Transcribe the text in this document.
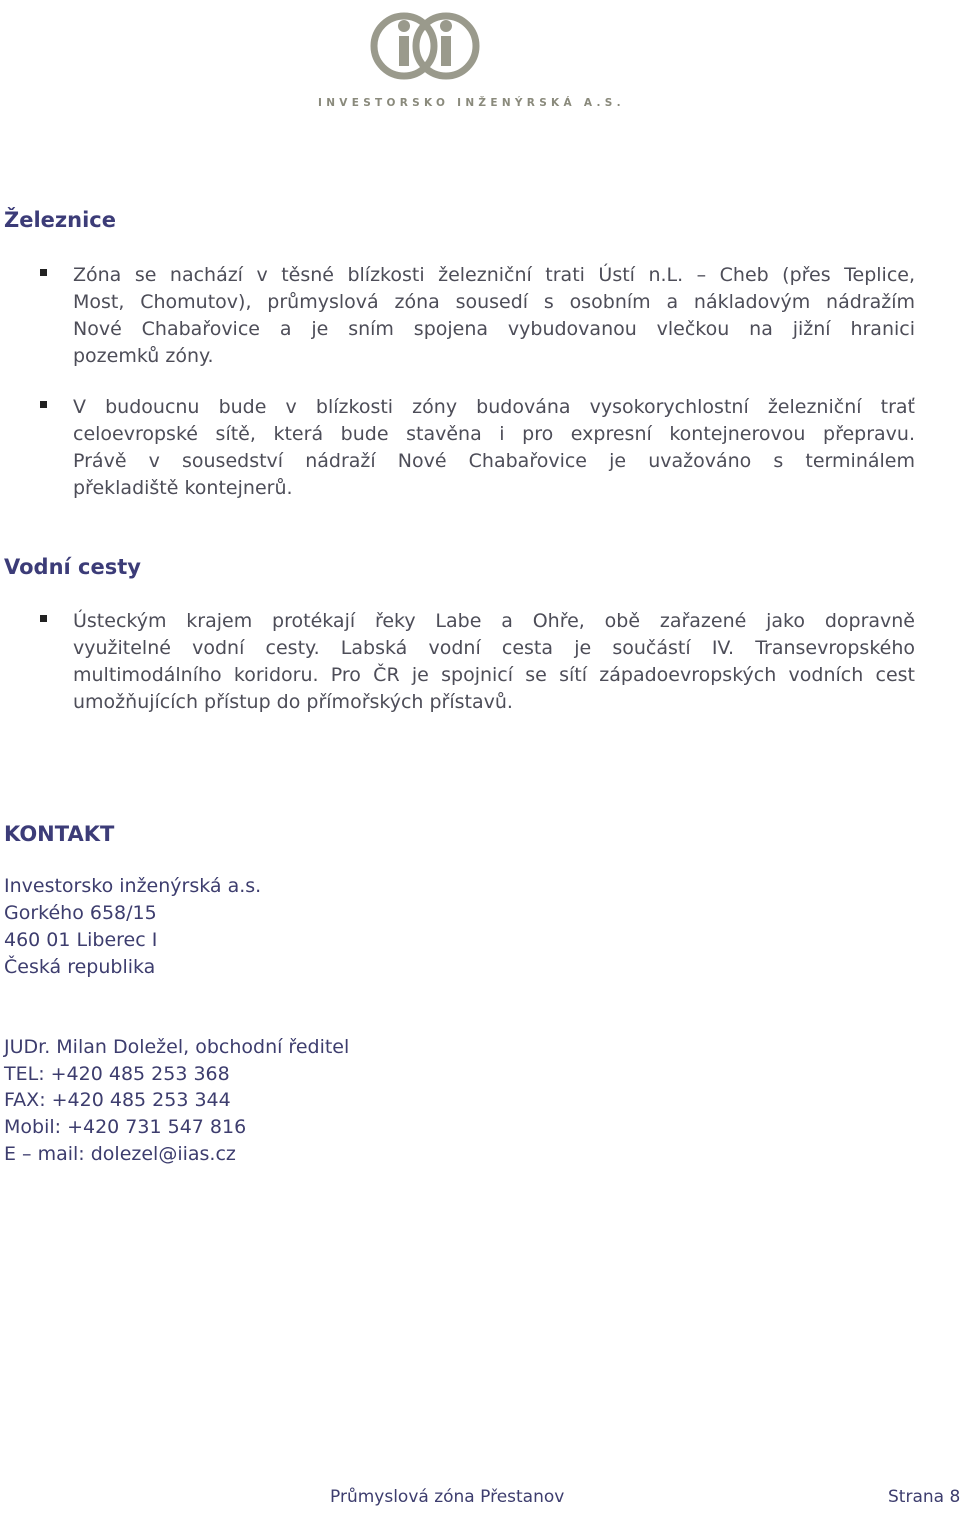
INVESTORSKO INŽENÝRSKÁ A.S.
Železnice
Zóna se nachází v těsné blízkosti železniční trati Ústí n.L. – Cheb (přes Teplice,
Most, Chomutov), průmyslová zóna sousedí s osobním a nákladovým nádražím
Nové Chabařovice a je sním spojena vybudovanou vlečkou na jižní hranici
pozemků zóny.
V budoucnu bude v blízkosti zóny budována vysokorychlostní železniční trať
celoevropské sítě, která bude stavěna i pro expresní kontejnerovou přepravu.
Právě v sousedství nádraží Nové Chabařovice je uvažováno s terminálem
překladiště kontejnerů.
Vodní cesty
Ústeckým krajem protékají řeky Labe a Ohře, obě zařazené jako dopravně
využitelné vodní cesty. Labská vodní cesta je součástí IV. Transevropského
multimodálního koridoru. Pro ČR je spojnicí se sítí západoevropských vodních cest
umožňujících přístup do přímořských přístavů.
KONTAKT
Investorsko inženýrská a.s.
Gorkého 658/15
460 01 Liberec I
Česká republika
JUDr. Milan Doležel, obchodní ředitel
TEL: +420 485 253 368
FAX: +420 485 253 344
Mobil: +420 731 547 816
E – mail: dolezel@iias.cz
Průmyslová zóna Přestanov	Strana 8
